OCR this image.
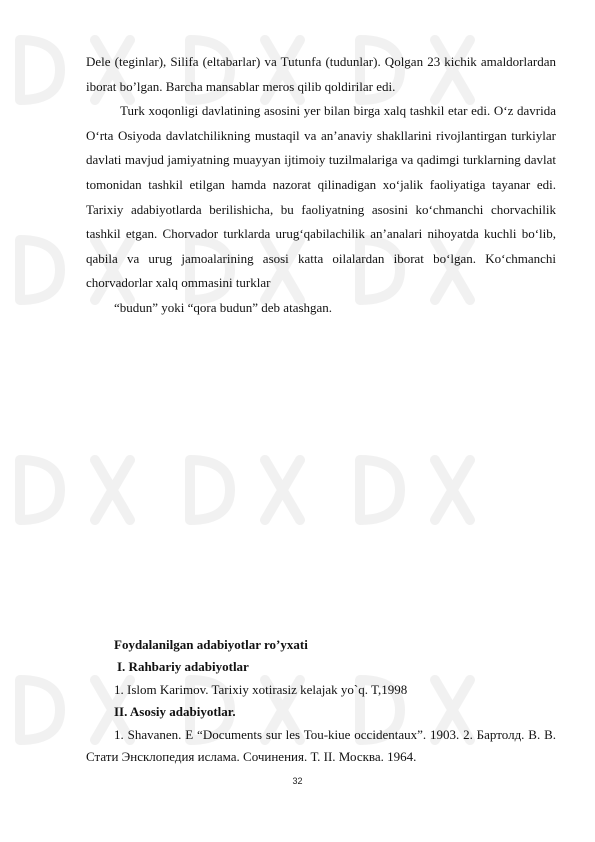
Dele (teginlar), Silifa (eltabarlar) va Tutunfa (tudunlar). Qolgan 23 kichik amaldorlardan iborat bo’lgan. Barcha mansablar meros qilib qoldirilar edi.

Turk xoqonligi davlatining asosini yer bilan birga xalq tashkil etar edi. O‘z davrida O‘rta Osiyoda davlatchilikning mustaqil va an’anaviy shakllarini rivojlantirgan turkiylar davlati mavjud jamiyatning muayyan ijtimoiy tuzilmalariga va qadimgi turklarning davlat tomonidan tashkil etilgan hamda nazorat qilinadigan xo‘jalik faoliyatiga tayanar edi. Tarixiy adabiyotlarda berilishicha, bu faoliyatning asosini ko‘chmanchi chorvachilik tashkil etgan. Chorvador turklarda urug‘qabilachilik an’analari nihoyatda kuchli bo‘lib, qabila va urug jamoalarining asosi katta oilalardan iborat bo‘lgan. Ko‘chmanchi chorvadorlar xalq ommasini turklar

“budun” yoki “qora budun” deb atashgan.

Foydalanilgan adabiyotlar ro’yxati

I. Rahbariy adabiyotlar

1. Islom Karimov. Tarixiy xotirasiz kelajak yo`q. T,1998

II. Asosiy adabiyotlar.

1. Shavanen. E “Documents sur les Tou-kiue occidentaux”. 1903. 2. Бартолд. В. В. Стати Энсклопедия ислама. Сочинения. Т. II. Москва. 1964.

32
